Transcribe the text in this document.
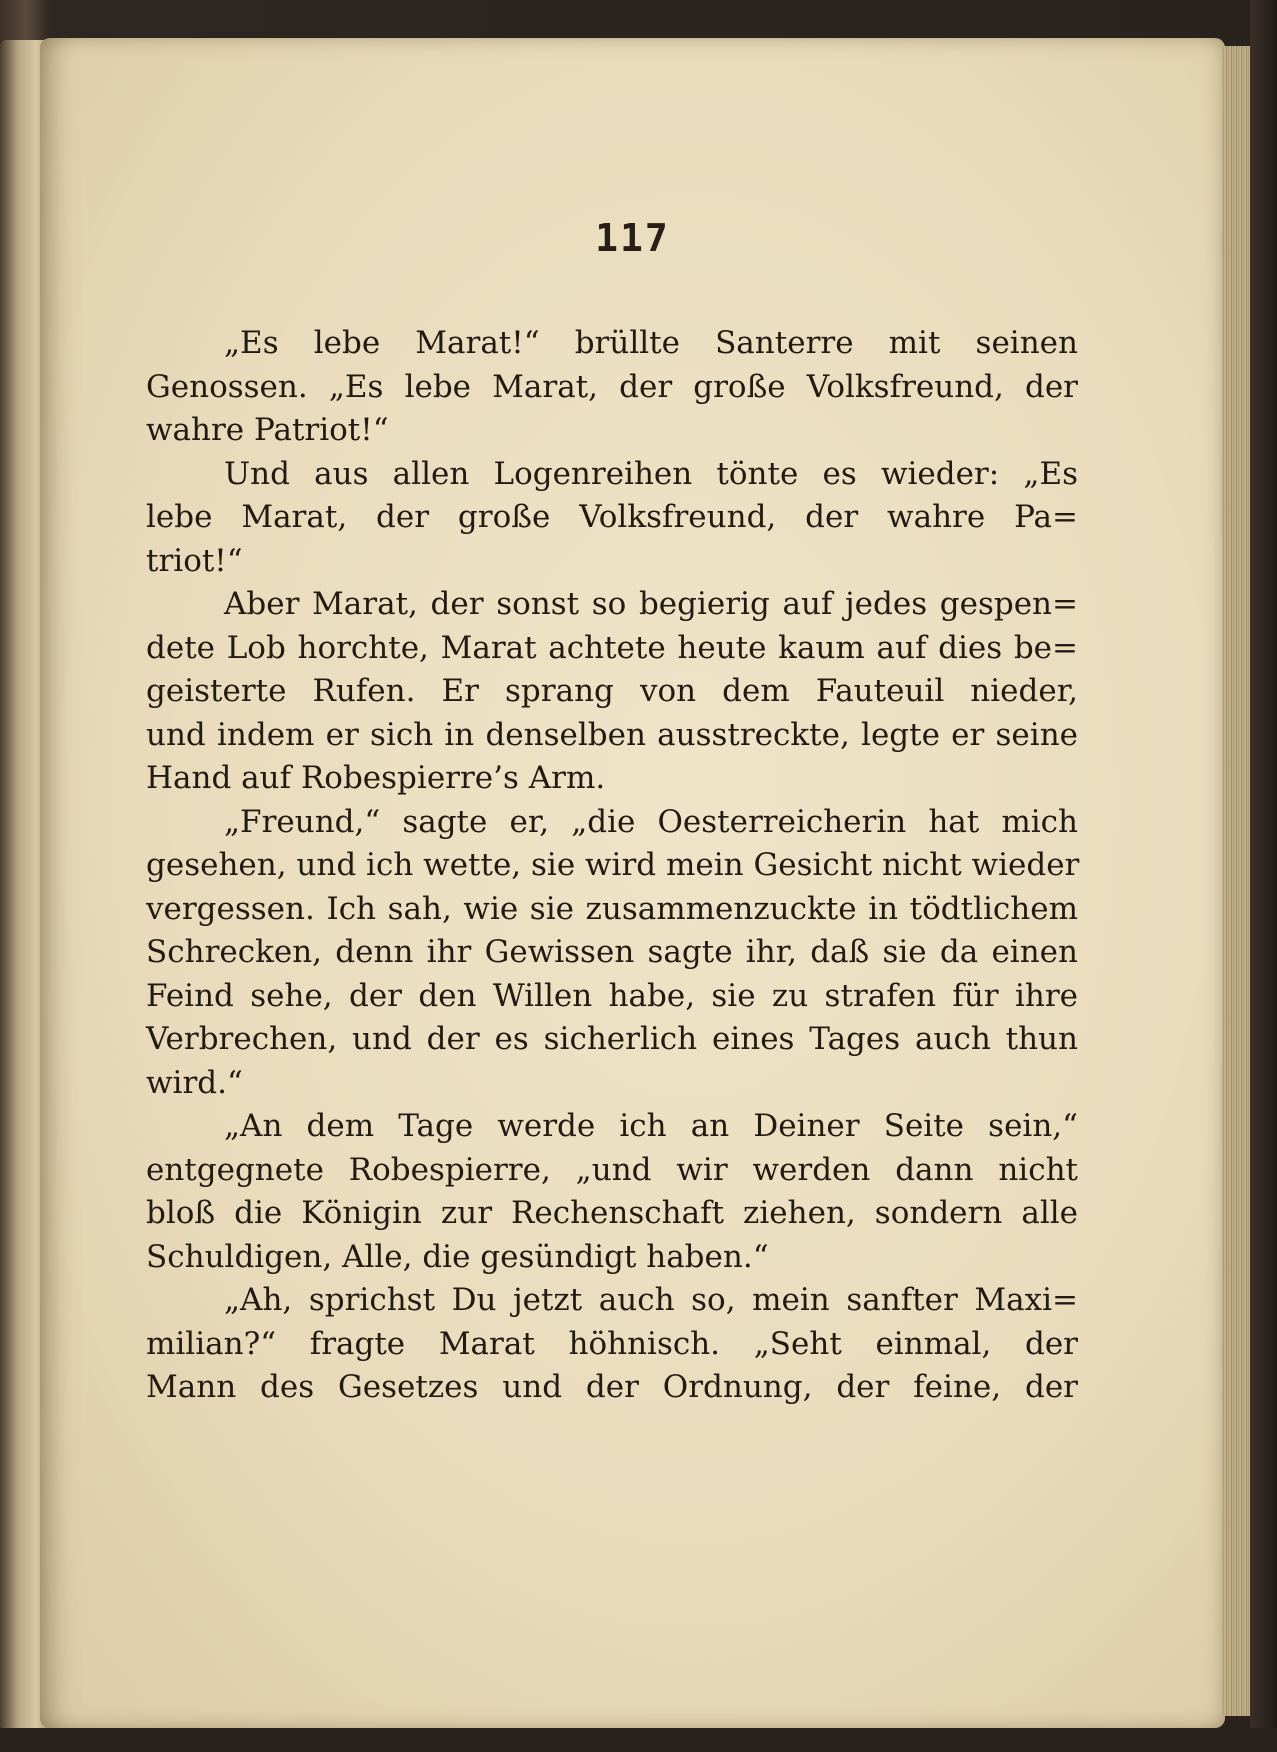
117
„Es lebe Marat!“ brüllte Santerre mit seinen
Genossen. „Es lebe Marat, der große Volksfreund, der
wahre Patriot!“
Und aus allen Logenreihen tönte es wieder: „Es
lebe Marat, der große Volksfreund, der wahre Pa=
triot!“
Aber Marat, der sonst so begierig auf jedes gespen=
dete Lob horchte, Marat achtete heute kaum auf dies be=
geisterte Rufen. Er sprang von dem Fauteuil nieder,
und indem er sich in denselben ausstreckte, legte er seine
Hand auf Robespierre’s Arm.
„Freund,“ sagte er, „die Oesterreicherin hat mich
gesehen, und ich wette, sie wird mein Gesicht nicht wieder
vergessen. Ich sah, wie sie zusammenzuckte in tödtlichem
Schrecken, denn ihr Gewissen sagte ihr, daß sie da einen
Feind sehe, der den Willen habe, sie zu strafen für ihre
Verbrechen, und der es sicherlich eines Tages auch thun
wird.“
„An dem Tage werde ich an Deiner Seite sein,“
entgegnete Robespierre, „und wir werden dann nicht
bloß die Königin zur Rechenschaft ziehen, sondern alle
Schuldigen, Alle, die gesündigt haben.“
„Ah, sprichst Du jetzt auch so, mein sanfter Maxi=
milian?“ fragte Marat höhnisch. „Seht einmal, der
Mann des Gesetzes und der Ordnung, der feine, der
